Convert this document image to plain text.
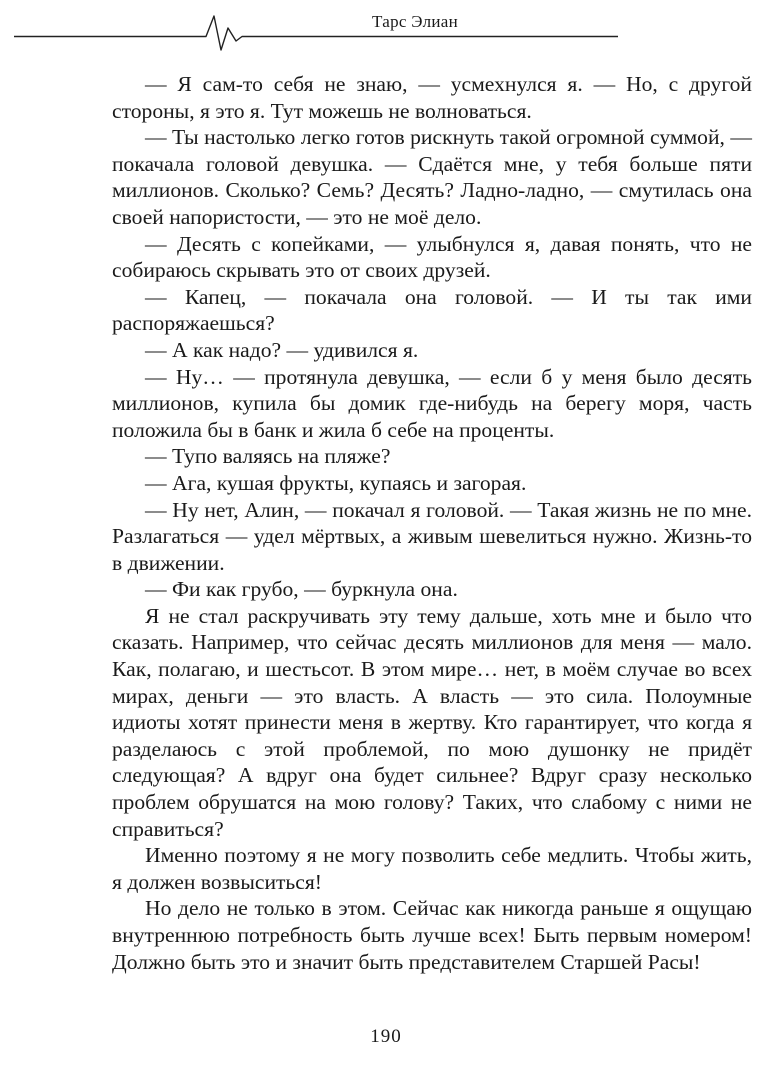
Тарс Элиан

— Я сам-то себя не знаю, — усмехнулся я. — Но, с другой стороны, я это я. Тут можешь не волноваться.

— Ты настолько легко готов рискнуть такой огромной суммой, — покачала головой девушка. — Сдаётся мне, у тебя больше пяти миллионов. Сколько? Семь? Десять? Ладно-ладно, — смутилась она своей напористости, — это не моё дело.

— Десять с копейками, — улыбнулся я, давая понять, что не собираюсь скрывать это от своих друзей.

— Капец, — покачала она головой. — И ты так ими распоряжаешься?

— А как надо? — удивился я.

— Ну… — протянула девушка, — если б у меня было десять миллионов, купила бы домик где-нибудь на берегу моря, часть положила бы в банк и жила б себе на проценты.

— Тупо валяясь на пляже?

— Ага, кушая фрукты, купаясь и загорая.

— Ну нет, Алин, — покачал я головой. — Такая жизнь не по мне. Разлагаться — удел мёртвых, а живым шевелиться нужно. Жизнь-то в движении.

— Фи как грубо, — буркнула она.

Я не стал раскручивать эту тему дальше, хоть мне и было что сказать. Например, что сейчас десять миллионов для меня — мало. Как, полагаю, и шестьсот. В этом мире… нет, в моём случае во всех мирах, деньги — это власть. А власть — это сила. Полоумные идиоты хотят принести меня в жертву. Кто гарантирует, что когда я разделаюсь с этой проблемой, по мою душонку не придёт следующая? А вдруг она будет сильнее? Вдруг сразу несколько проблем обрушатся на мою голову? Таких, что слабому с ними не справиться?

Именно поэтому я не могу позволить себе медлить. Чтобы жить, я должен возвыситься!

Но дело не только в этом. Сейчас как никогда раньше я ощущаю внутреннюю потребность быть лучше всех! Быть первым номером! Должно быть это и значит быть представителем Старшей Расы!

190
